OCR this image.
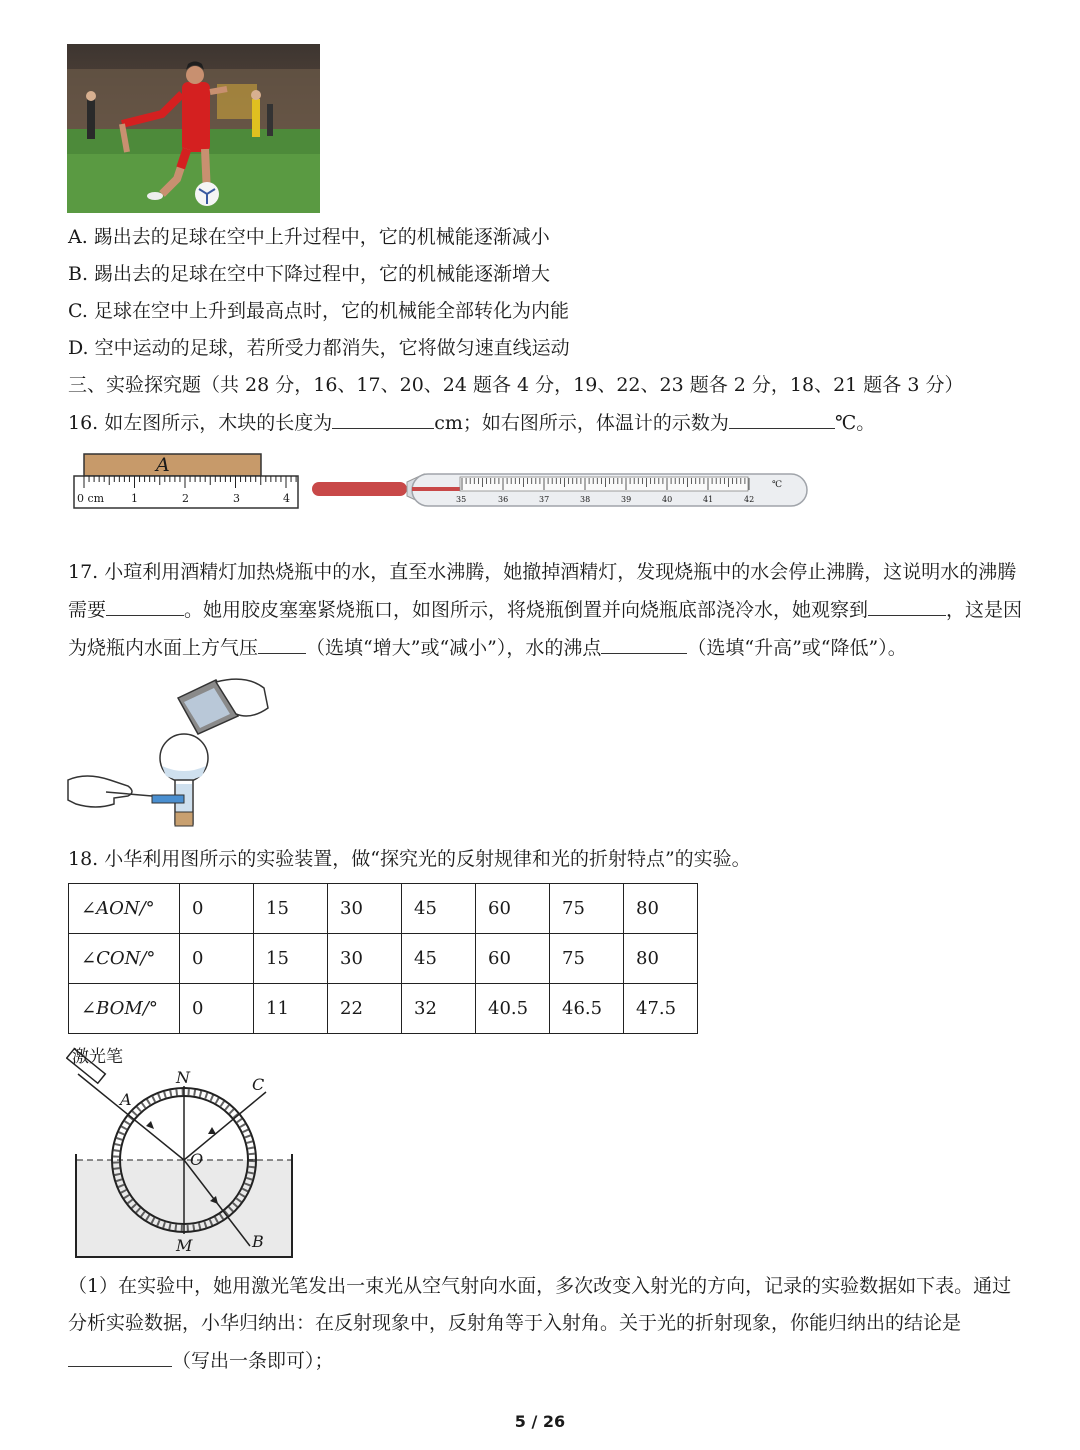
A. 踢出去的足球在空中上升过程中，它的机械能逐渐减小
B. 踢出去的足球在空中下降过程中，它的机械能逐渐增大
C. 足球在空中上升到最高点时，它的机械能全部转化为内能
D. 空中运动的足球，若所受力都消失，它将做匀速直线运动
三、实验探究题（共 28 分，16、17、20、24 题各 4 分，19、22、23 题各 2 分，18、21 题各 3 分）
16. 如左图所示，木块的长度为	cm；如右图所示，体温计的示数为	℃。
A
0 cm 1	2	3	4
℃
35	36	37	38	39	40	41	42
17. 小瑄利用酒精灯加热烧瓶中的水，直至水沸腾，她撤掉酒精灯，发现烧瓶中的水会停止沸腾，这说明水的沸腾
需要	。她用胶皮塞塞紧烧瓶口，如图所示，将烧瓶倒置并向烧瓶底部浇冷水，她观察到	，这是因
为烧瓶内水面上方气压	（选填“增大”或“减小”），水的沸点	（选填“升高”或“降低”）。
18. 小华利用图所示的实验装置，做“探究光的反射规律和光的折射特点”的实验。
∠AON/°	0	15	30	45	60	75	80
∠CON/°	0	15	30	45	60	75	80
∠BOM/°	0	11	22	32	40.5	46.5	47.5
激光笔
N	C
A
O
M	B
（1）在实验中，她用激光笔发出一束光从空气射向水面，多次改变入射光的方向，记录的实验数据如下表。通过
分析实验数据，小华归纳出：在反射现象中，反射角等于入射角。关于光的折射现象，你能归纳出的结论是
（写出一条即可）；
5 / 26
